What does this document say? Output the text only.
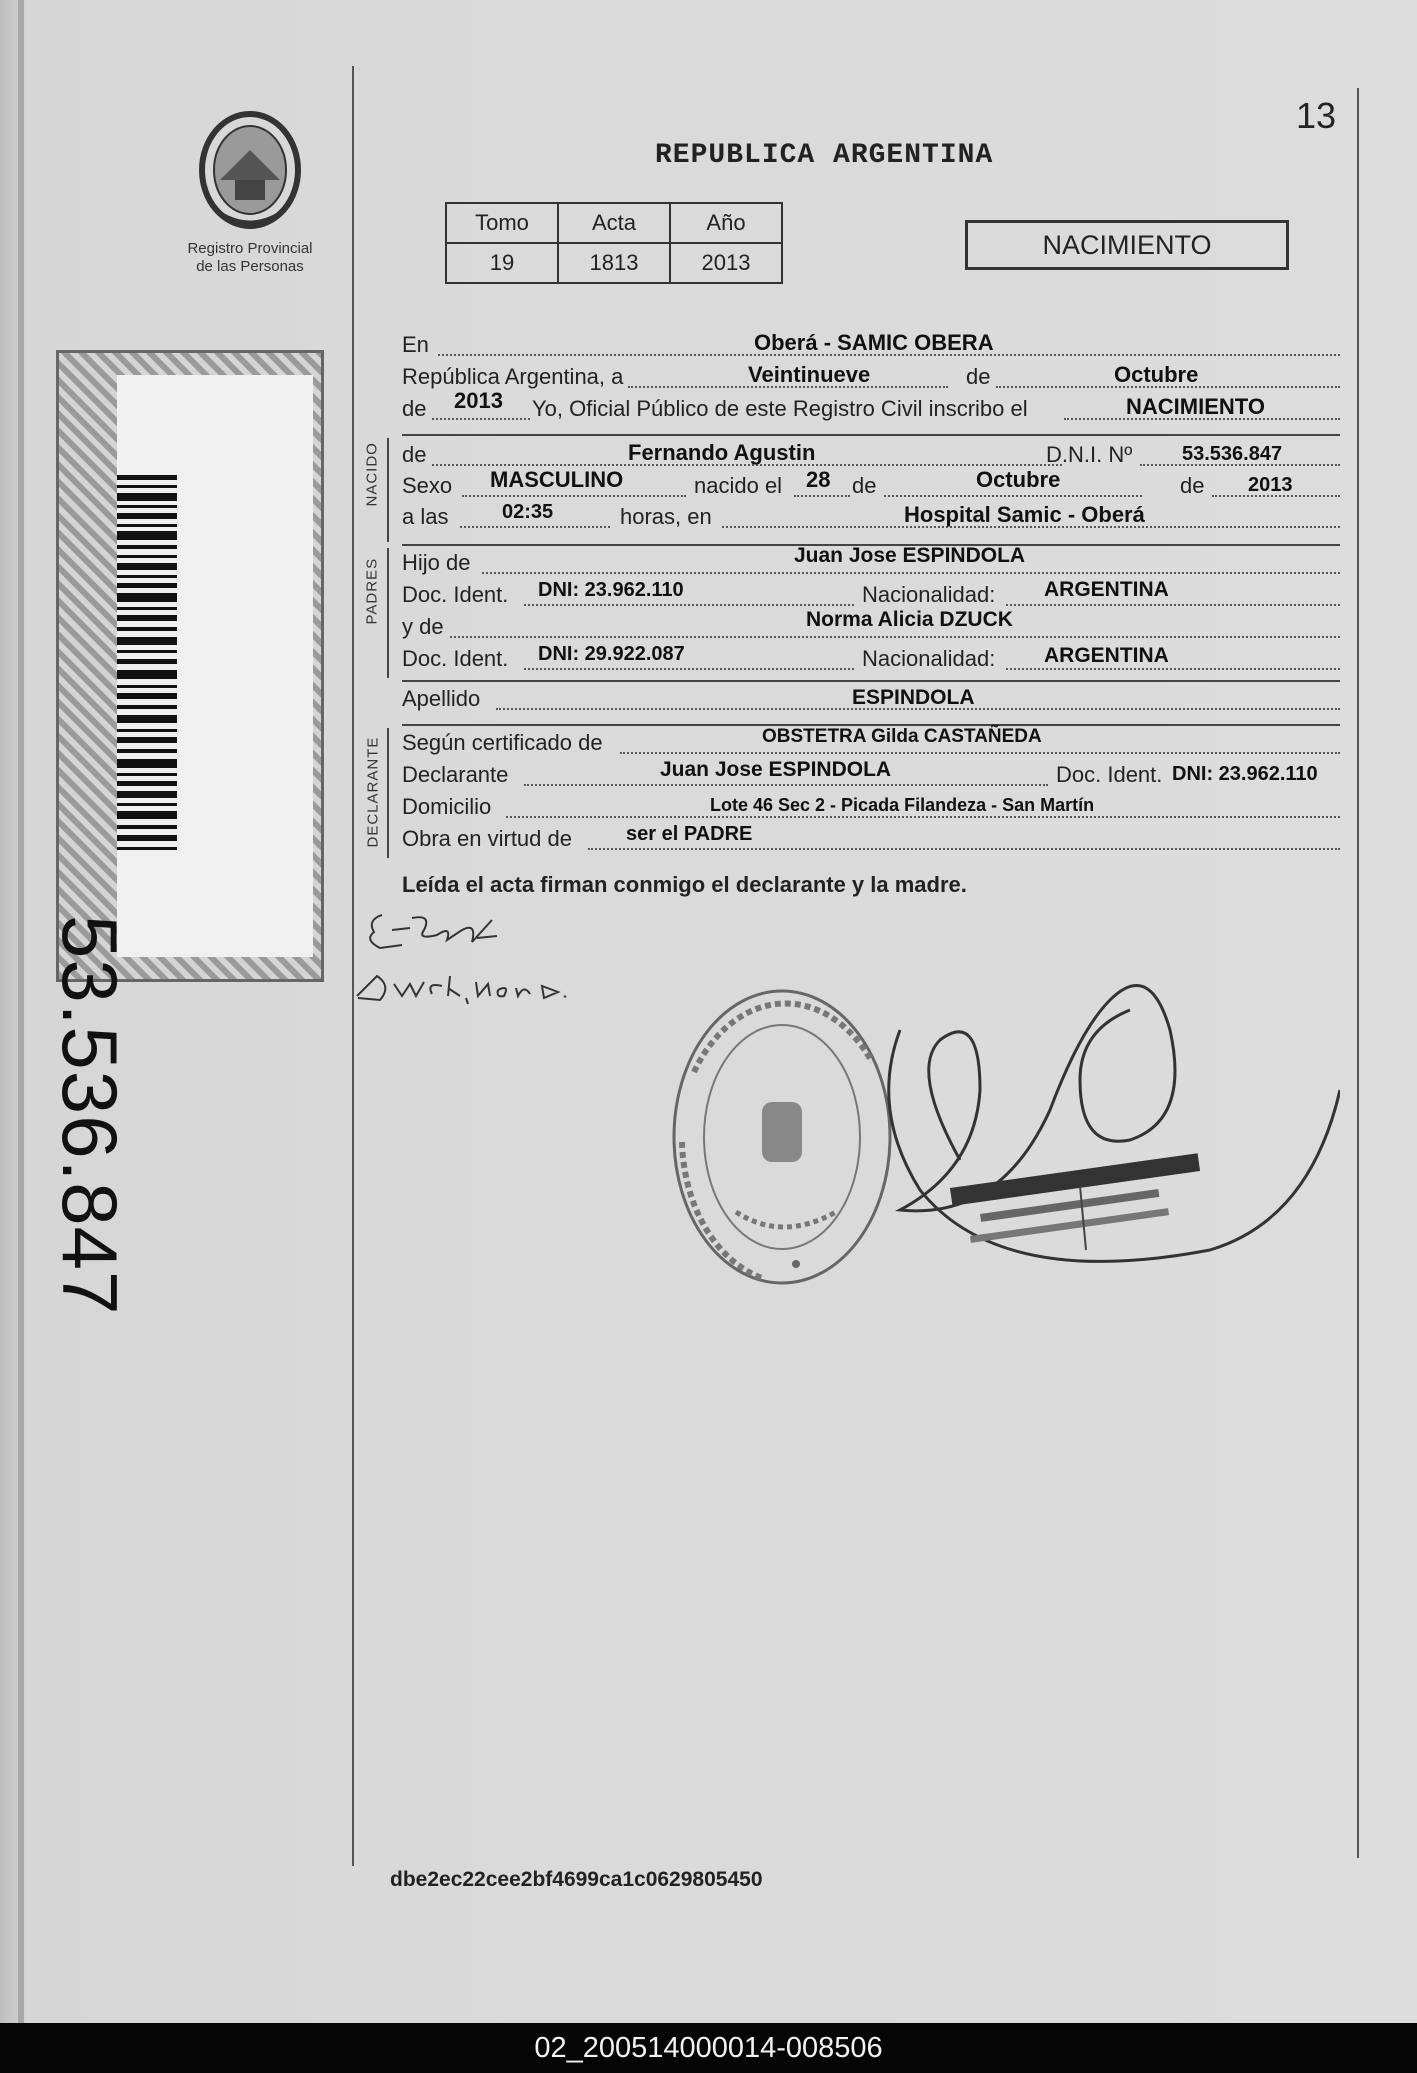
Registro Provincial
de las Personas
53.536.847
13
REPUBLICA ARGENTINA
Tomo	Acta	Año
19	1813	2013
NACIMIENTO
En	Oberá - SAMIC OBERA
República Argentina, a	Veintinueve	de	Octubre
de 2013 Yo, Oficial Público de este Registro Civil inscribo el	NACIMIENTO
NACIDO de	Fernando Agustin	D.N.I. Nº 53.536.847
Sexo MASCULINO	nacido el 28 de	Octubre	de 2013
a las	02:35	horas, en	Hospital Samic - Oberá
PADRES Hijo de	Juan Jose ESPINDOLA
Doc. Ident. DNI: 23.962.110	Nacionalidad: ARGENTINA
y de	Norma Alicia DZUCK
Doc. Ident. DNI: 29.922.087	Nacionalidad: ARGENTINA
Apellido	ESPINDOLA
DECLARANTE Según certificado de	OBSTETRA Gilda CASTAÑEDA
Declarante	Juan Jose ESPINDOLA	Doc. Ident. DNI: 23.962.110
Domicilio	Lote 46 Sec 2 - Picada Filandeza - San Martín
Obra en virtud de	ser el PADRE
Leída el acta firman conmigo el declarante y la madre.
dbe2ec22cee2bf4699ca1c0629805450
02_200514000014-008506
